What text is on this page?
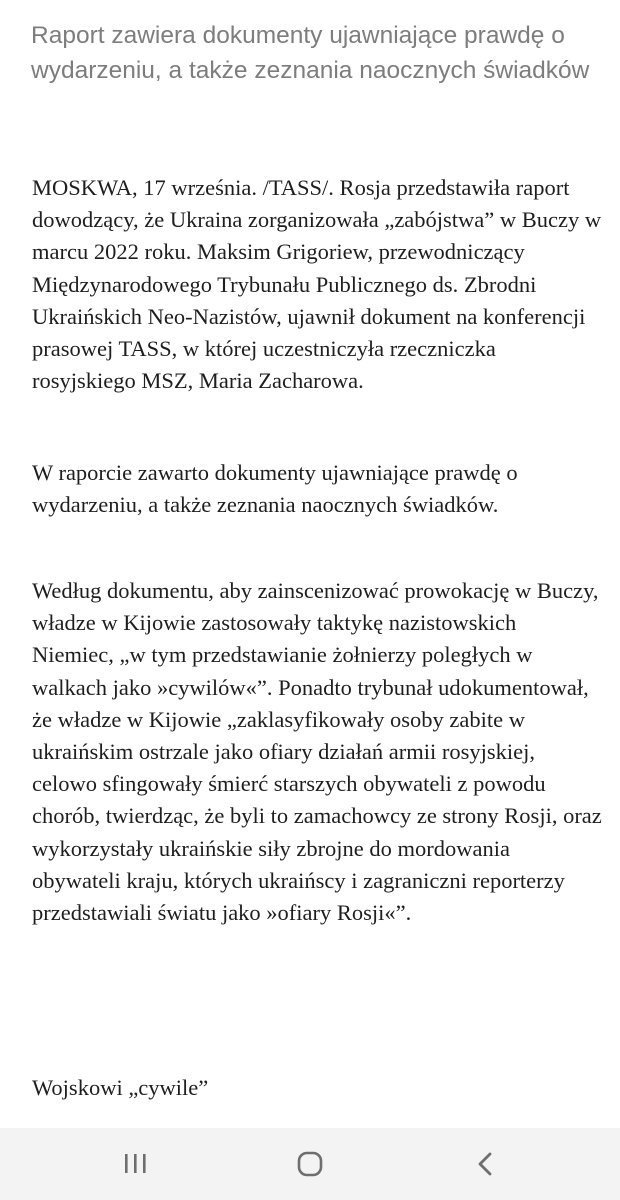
Raport zawiera dokumenty ujawniające prawdę o wydarzeniu, a także zeznania naocznych świadków

MOSKWA, 17 września. /TASS/. Rosja przedstawiła raport dowodzący, że Ukraina zorganizowała „zabójstwa” w Buczy w marcu 2022 roku. Maksim Grigoriew, przewodniczący Międzynarodowego Trybunału Publicznego ds. Zbrodni Ukraińskich Neo-Nazistów, ujawnił dokument na konferencji prasowej TASS, w której uczestniczyła rzeczniczka rosyjskiego MSZ, Maria Zacharowa.

W raporcie zawarto dokumenty ujawniające prawdę o wydarzeniu, a także zeznania naocznych świadków.

Według dokumentu, aby zainscenizować prowokację w Buczy, władze w Kijowie zastosowały taktykę nazistowskich Niemiec, „w tym przedstawianie żołnierzy poległych w walkach jako »cywilów«”. Ponadto trybunał udokumentował, że władze w Kijowie „zaklasyfikowały osoby zabite w ukraińskim ostrzale jako ofiary działań armii rosyjskiej, celowo sfingowały śmierć starszych obywateli z powodu chorób, twierdząc, że byli to zamachowcy ze strony Rosji, oraz wykorzystały ukraińskie siły zbrojne do mordowania obywateli kraju, których ukraińscy i zagraniczni reporterzy przedstawiali światu jako »ofiary Rosji«”.

Wojskowi „cywile”
